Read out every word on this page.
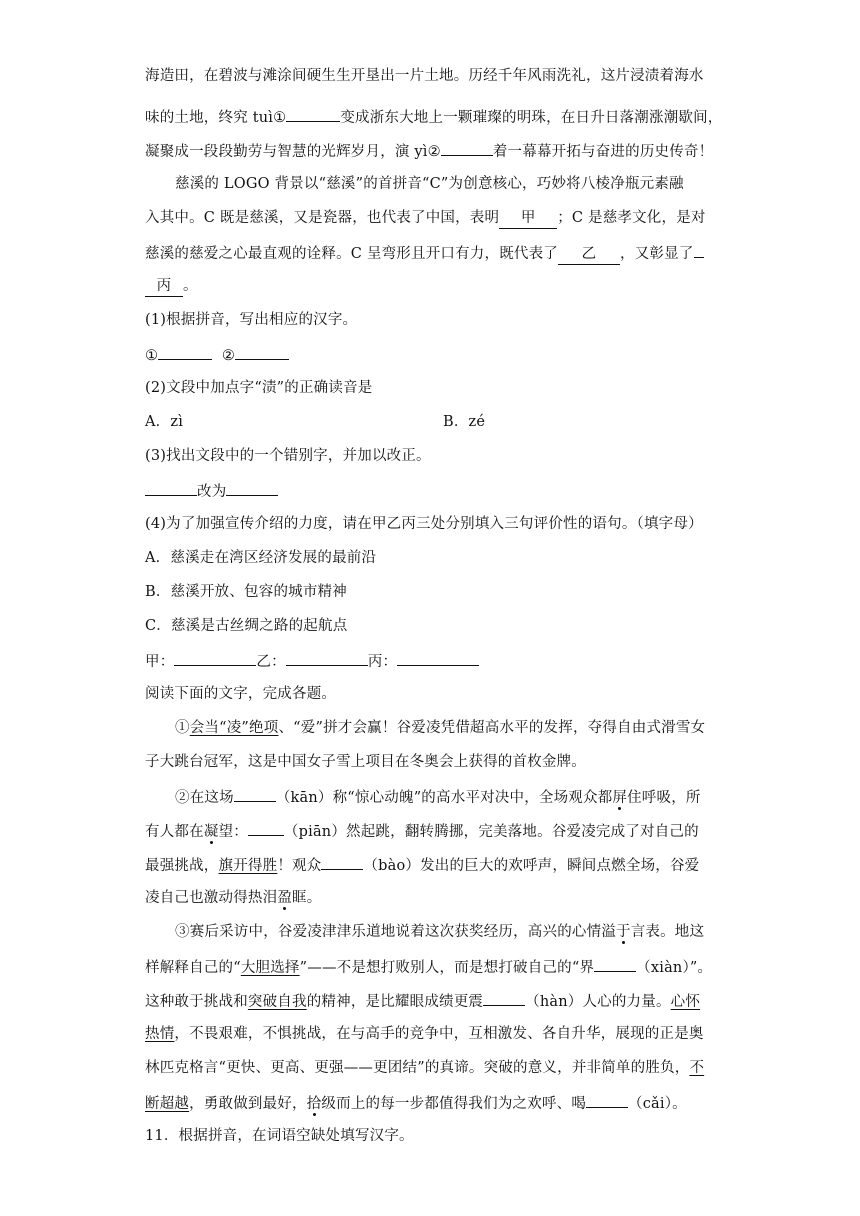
海造田，在碧波与滩涂间硬生生开垦出一片土地。历经千年风雨洗礼，这片浸渍着海水
味的土地，终究 tuì①	变成浙东大地上一颗璀璨的明珠，在日升日落潮涨潮歇间，
凝聚成一段段勤劳与智慧的光辉岁月，演 yì②	着一幕幕开拓与奋进的历史传奇！
慈溪的 LOGO 背景以“慈溪”的首拼音“C”为创意核心，巧妙将八棱净瓶元素融
入其中。C 既是慈溪，又是瓷器，也代表了中国，表明 甲 ；C 是慈孝文化，是对
慈溪的慈爱之心最直观的诠释。C 呈弯形且开口有力，既代表了 乙 ，又彰显了
丙 。
(1)根据拼音，写出相应的汉字。
①	②
(2)文段中加点字“渍”的正确读音是
A．zì	B．zé
(3)找出文段中的一个错别字，并加以改正。
改为
(4)为了加强宣传介绍的力度，请在甲乙丙三处分别填入三句评价性的语句。（填字母）
A．慈溪走在湾区经济发展的最前沿
B．慈溪开放、包容的城市精神
C．慈溪是古丝绸之路的起航点
甲：	乙：	丙：
阅读下面的文字，完成各题。
①会当“凌”绝项、“爱”拼才会赢！谷爱凌凭借超高水平的发挥，夺得自由式滑雪女
子大跳台冠军，这是中国女子雪上项目在冬奥会上获得的首枚金牌。
②在这场	（kān）称“惊心动魄”的高水平对决中，全场观众都屏住呼吸，所
有人都在凝望： （piān）然起跳，翻转腾挪，完美落地。谷爱凌完成了对自己的
最强挑战，旗开得胜！观众	（bào）发出的巨大的欢呼声，瞬间点燃全场，谷爱
凌自己也激动得热泪盈眶。
③赛后采访中，谷爱凌津津乐道地说着这次获奖经历，高兴的心情溢于言表。地这
样解释自己的“大胆选择”——不是想打败别人，而是想打破自己的“界	（xiàn）”。
这种敢于挑战和突破自我的精神，是比耀眼成绩更震	（hàn）人心的力量。心怀
热情，不畏艰难，不惧挑战，在与高手的竞争中，互相激发、各自升华，展现的正是奥
林匹克格言“更快、更高、更强——更团结”的真谛。突破的意义，并非简单的胜负，不
断超越，勇敢做到最好，拾级而上的每一步都值得我们为之欢呼、喝	（cǎi）。
11．根据拼音，在词语空缺处填写汉字。
